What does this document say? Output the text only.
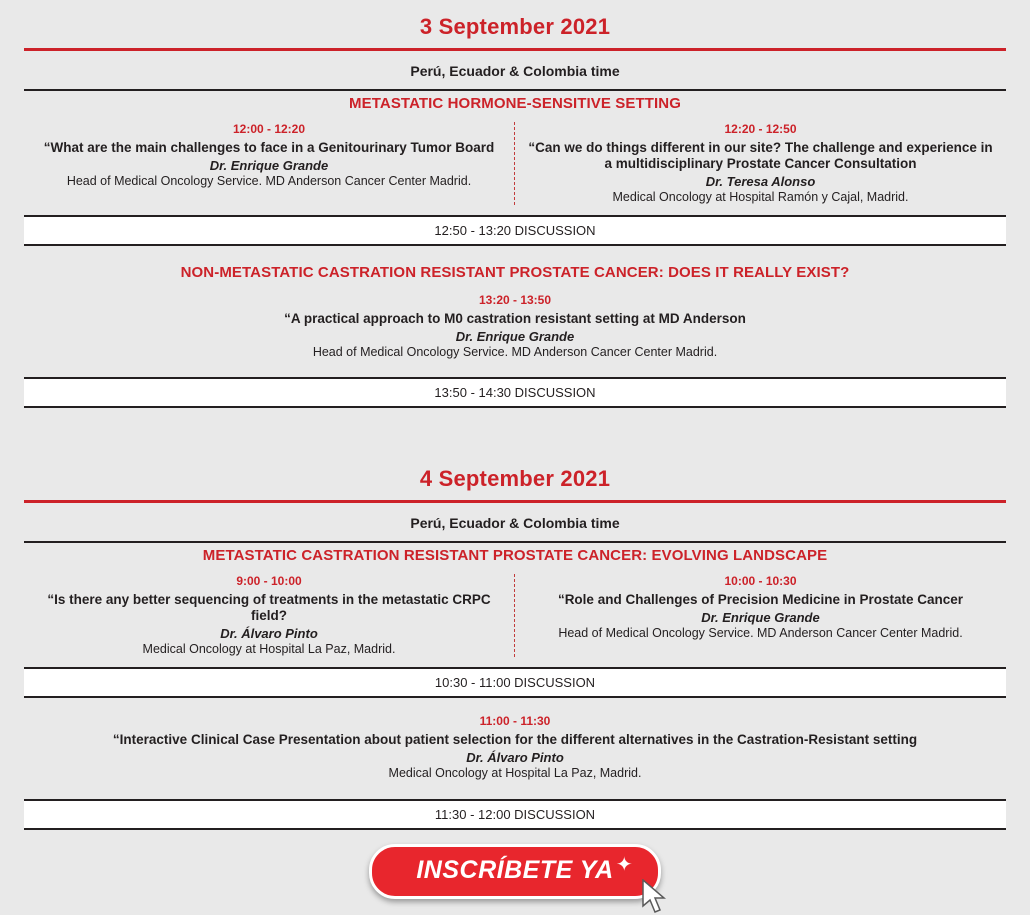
3 September 2021
Perú, Ecuador & Colombia time
METASTATIC HORMONE-SENSITIVE SETTING
12:00 - 12:20
“What are the main challenges to face in a Genitourinary Tumor Board
Dr. Enrique Grande
Head of Medical Oncology Service. MD Anderson Cancer Center Madrid.
12:20 - 12:50
“Can we do things different in our site? The challenge and experience in a multidisciplinary Prostate Cancer Consultation
Dr. Teresa Alonso
Medical Oncology at Hospital Ramón y Cajal, Madrid.
12:50 - 13:20 DISCUSSION
NON-METASTATIC CASTRATION RESISTANT PROSTATE CANCER: DOES IT REALLY EXIST?
13:20 - 13:50
“A practical approach to M0 castration resistant setting at MD Anderson
Dr. Enrique Grande
Head of Medical Oncology Service. MD Anderson Cancer Center Madrid.
13:50 - 14:30 DISCUSSION
4 September 2021
Perú, Ecuador & Colombia time
METASTATIC CASTRATION RESISTANT PROSTATE CANCER: EVOLVING LANDSCAPE
9:00 - 10:00
“Is there any better sequencing of treatments in the metastatic CRPC field?
Dr. Álvaro Pinto
Medical Oncology at Hospital La Paz, Madrid.
10:00 - 10:30
“Role and Challenges of Precision Medicine in Prostate Cancer
Dr. Enrique Grande
Head of Medical Oncology Service. MD Anderson Cancer Center Madrid.
10:30 - 11:00 DISCUSSION
11:00 - 11:30
“Interactive Clinical Case Presentation about patient selection for the different alternatives in the Castration-Resistant setting
Dr. Álvaro Pinto
Medical Oncology at Hospital La Paz, Madrid.
11:30 - 12:00 DISCUSSION
INSCRÍBETE YA ✦
